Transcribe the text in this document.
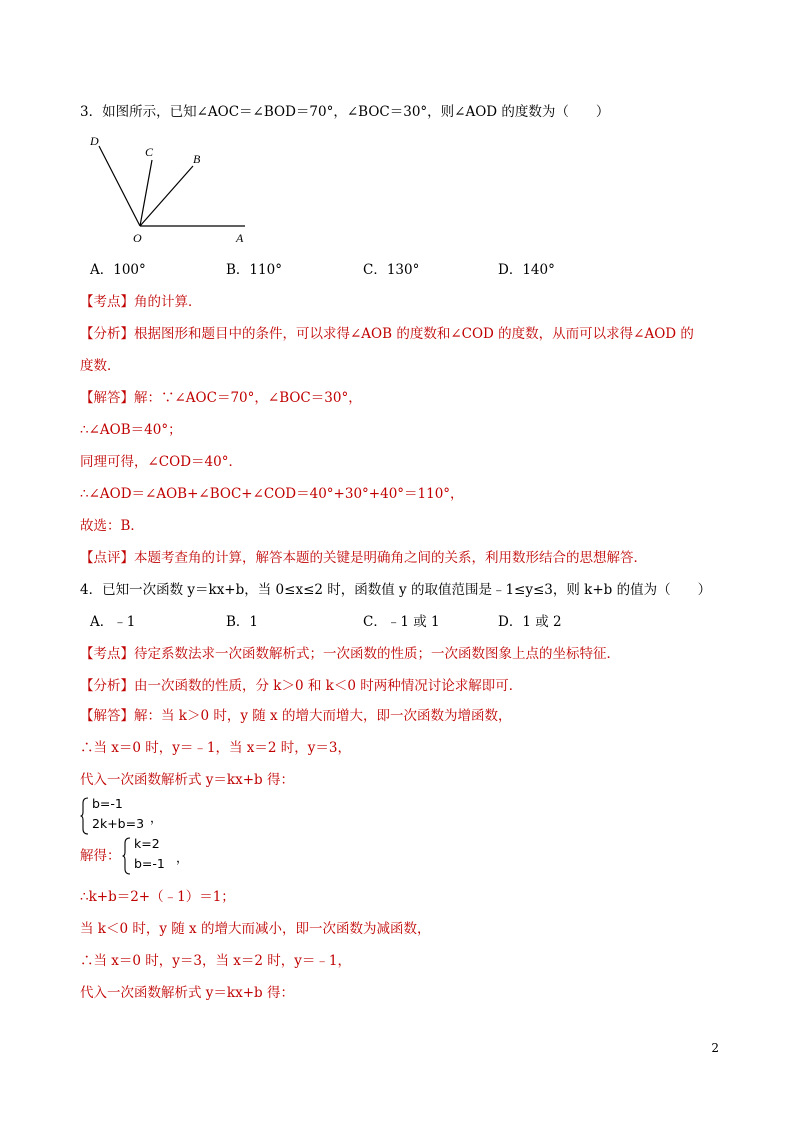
3．如图所示，已知∠AOC＝∠BOD＝70°，∠BOC＝30°，则∠AOD 的度数为（　　）
D
C	B
O	A
A．100°	B．110°	C．130°	D．140°
【考点】角的计算．
【分析】根据图形和题目中的条件，可以求得∠AOB 的度数和∠COD 的度数，从而可以求得∠AOD 的
度数．
【解答】解：∵∠AOC＝70°，∠BOC＝30°，
∴∠AOB＝40°；
同理可得，∠COD＝40°．
∴∠AOD＝∠AOB+∠BOC+∠COD＝40°+30°+40°＝110°，
故选：B．
【点评】本题考查角的计算，解答本题的关键是明确角之间的关系，利用数形结合的思想解答．
4．已知一次函数 y＝kx+b，当 0≤x≤2 时，函数值 y 的取值范围是﹣1≤y≤3，则 k+b 的值为（　　）
A．﹣1	B．1	C．﹣1 或 1	D．1 或 2
【考点】待定系数法求一次函数解析式；一次函数的性质；一次函数图象上点的坐标特征．
【分析】由一次函数的性质，分 k＞0 和 k＜0 时两种情况讨论求解即可．
【解答】解：当 k＞0 时，y 随 x 的增大而增大，即一次函数为增函数，
∴当 x＝0 时，y＝﹣1，当 x＝2 时，y＝3，
代入一次函数解析式 y＝kx+b 得：
b=-1
2k+b=3 ，
解得：
k=2
b=-1 ，
∴k+b＝2+（﹣1）＝1；
当 k＜0 时，y 随 x 的增大而减小，即一次函数为减函数，
∴当 x＝0 时，y＝3，当 x＝2 时，y＝﹣1，
代入一次函数解析式 y＝kx+b 得：
2
